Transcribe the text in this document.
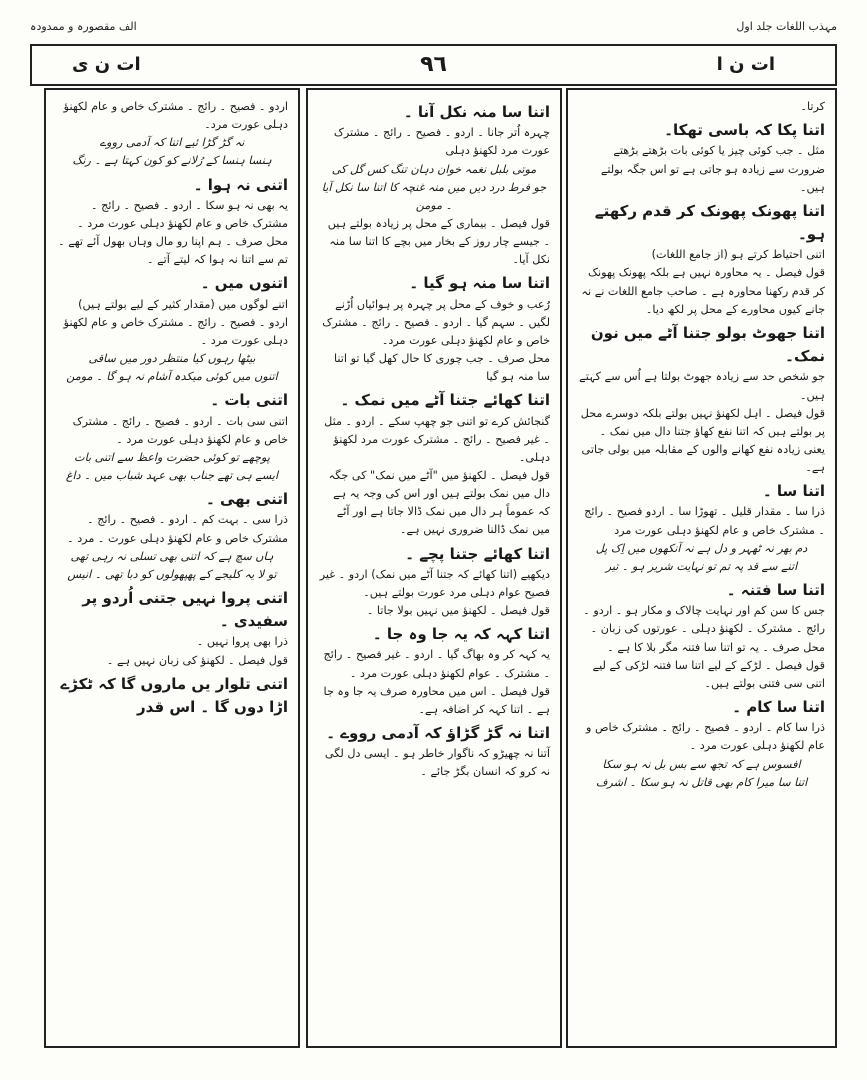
مہذب اللغات جلد اول
الف مقصورہ و ممدودہ
ات ن ا
٩٦
ات ن ی
کرتا۔
اتنا پکا کہ باسی تھکا۔
مثل ۔ جب کوئی چیز یا کوئی بات بڑھتے بڑھتے ضرورت سے زیادہ ہو جاتی ہے تو اس جگہ بولتے ہیں۔
اتنا پھونک پھونک کر قدم رکھتے ہو۔
اتنی احتیاط کرتے ہو (از جامع اللغات)
قول فیصل ۔ یہ محاورہ نہیں ہے بلکہ پھونک پھونک کر قدم رکھنا محاورہ ہے ۔ صاحب جامع اللغات نے نہ جانے کیوں محاورے کے محل پر لکھ دیا۔
اتنا جھوٹ بولو جتنا آٹے میں نون نمک۔
جو شخص حد سے زیادہ جھوٹ بولتا ہے اُس سے کہتے ہیں۔
قول فیصل ۔ اہل لکھنؤ نہیں بولتے بلکہ دوسرے محل پر بولتے ہیں کہ اتنا نفع کھاؤ جتنا دال میں نمک ۔ یعنی زیادہ نفع کھانے والوں کے مقابلہ میں بولی جاتی ہے۔
اتنا سا ۔
ذرا سا ۔ مقدار قلیل ۔ تھوڑا سا ۔ اردو فصیح ۔ رائج ۔ مشترک خاص و عام لکھنؤ دہلی عورت مرد
دم بھر نہ ٹھہر و دل ہے نہ آنکھوں میں اِک پل
اتنے سے قد پہ تم تو نہایت شریر ہو ۔ تیر
اتنا سا فتنہ ۔
جس کا سن کم اور نہایت چالاک و مکار ہو ۔ اردو ۔ رائج ۔ مشترک ۔ لکھنؤ دہلی ۔ عورتوں کی زبان ۔
محل صرف ۔ یہ تو اتنا سا فتنہ مگر بلا کا ہے ۔
قول فیصل ۔ لڑکے کے لیے اتنا سا فتنہ لڑکی کے لیے اتنی سی فتنی بولتے ہیں۔
اتنا سا کام ۔
ذرا سا کام ۔ اردو ۔ فصیح ۔ رائج ۔ مشترک خاص و عام لکھنؤ دہلی عورت مرد ۔
افسوس ہے کہ تجھ سے بس بل نہ ہو سکا
اتنا سا میرا کام بھی قاتل نہ ہو سکا ۔ اشرف
اتنا سا منہ نکل آنا ۔
چہرہ اُتر جانا ۔ اردو ۔ فصیح ۔ رائج ۔ مشترک عورت مرد لکھنؤ دہلی
موتی بلبل نغمہ خوان دہان تنگ کس گل کی
جو فرط درد دیں میں منہ غنچہ کا اتنا سا نکل آیا ۔ مومن
قول فیصل ۔ بیماری کے محل پر زیادہ بولتے ہیں ۔ جیسے چار روز کے بخار میں بچے کا اتنا سا منہ نکل آیا۔
اتنا سا منہ ہو گیا ۔
رُعب و خوف کے محل پر چہرہ پر ہوائیاں اُڑنے لگیں ۔ سہم گیا ۔ اردو ۔ فصیح ۔ رائج ۔ مشترک خاص و عام لکھنؤ دہلی عورت مرد۔
محل صرف ۔ جب چوری کا حال کھل گیا تو اتنا سا منہ ہو گیا
اتنا کھائے جتنا آٹے میں نمک ۔
گنجائش کرے تو اتنی جو چھپ سکے ۔ اردو ۔ مثل ۔ غیر فصیح ۔ رائج ۔ مشترک عورت مرد لکھنؤ دہلی۔
قول فیصل ۔ لکھنؤ میں "آٹے میں نمک" کی جگہ دال میں نمک بولتے ہیں اور اس کی وجہ یہ ہے کہ عموماً ہر دال میں نمک ڈالا جاتا ہے اور آٹے میں نمک ڈالنا ضروری نہیں ہے۔
اتنا کھائے جتنا پچے ۔
دیکھیے (اتنا کھائے کہ جتنا آٹے میں نمک) اردو ۔ غیر فصیح عوام دہلی مرد عورت بولتے ہیں۔
قول فیصل ۔ لکھنؤ میں نہیں بولا جاتا ۔
اتنا کہہ کہ یہ جا وہ جا ۔
یہ کہہ کر وہ بھاگ گیا ۔ اردو ۔ غیر فصیح ۔ رائج ۔ مشترک ۔ عوام لکھنؤ دہلی عورت مرد ۔
قول فیصل ۔ اس میں محاورہ صرف یہ جا وہ جا ہے ۔ اتنا کہہ کر اضافہ ہے۔
اتنا نہ گڑ گڑاؤ کہ آدمی رووے ۔
آتنا نہ چھیڑو کہ ناگوار خاطر ہو ۔ ایسی دل لگی نہ کرو کہ انسان بگڑ جائے ۔
اردو ۔ فصیح ۔ رائج ۔ مشترک خاص و عام لکھنؤ دہلی عورت مرد۔
نہ گڑ گڑا ئیے اتنا کہ آدمی رووے
ہنسا ہنسا کے رُلانے کو کون کہتا ہے ۔ رنگ
اتنی نہ ہوا ۔
یہ بھی نہ ہو سکا ۔ اردو ۔ فصیح ۔ رائج ۔ مشترک خاص و عام لکھنؤ دہلی عورت مرد ۔
محل صرف ۔ ہم اپنا رو مال وہاں بھول آئے تھے ۔ تم سے اتنا نہ ہوا کہ لیتے آتے ۔
اتنوں میں ۔
اتنے لوگوں میں (مقدار کثیر کے لیے بولتے ہیں) اردو ۔ فصیح ۔ رائج ۔ مشترک خاص و عام لکھنؤ دہلی عورت مرد ۔
بیٹھا رہوں کیا منتظر دور میں ساقی
اتنوں میں کوئی میکدہ آشام نہ ہو گا ۔ مومن
اتنی بات ۔
اتنی سی بات ۔ اردو ۔ فصیح ۔ رائج ۔ مشترک خاص و عام لکھنؤ دہلی عورت مرد ۔
پوچھے تو کوئی حضرت واعظ سے اتنی بات
ایسے ہی تھے جناب بھی عہد شباب میں ۔ داغ
اتنی بھی ۔
ذرا سی ۔ بہت کم ۔ اردو ۔ فصیح ۔ رائج ۔ مشترک خاص و عام لکھنؤ دہلی عورت ۔ مرد ۔
ہاں سچ ہے کہ اتنی بھی تسلی نہ رہی تھی
تو لا یہ کلیجے کے پھپھولوں کو دبا تھی ۔ انیس
اتنی پروا نہیں جتنی اُردو پر سفیدی ۔
ذرا بھی پروا نہیں ۔
قول فیصل ۔ لکھنؤ کی زبان نہیں ہے ۔
اتنی تلوار یں ماروں گا کہ ٹکڑے اڑا دوں گا ۔ اس قدر
